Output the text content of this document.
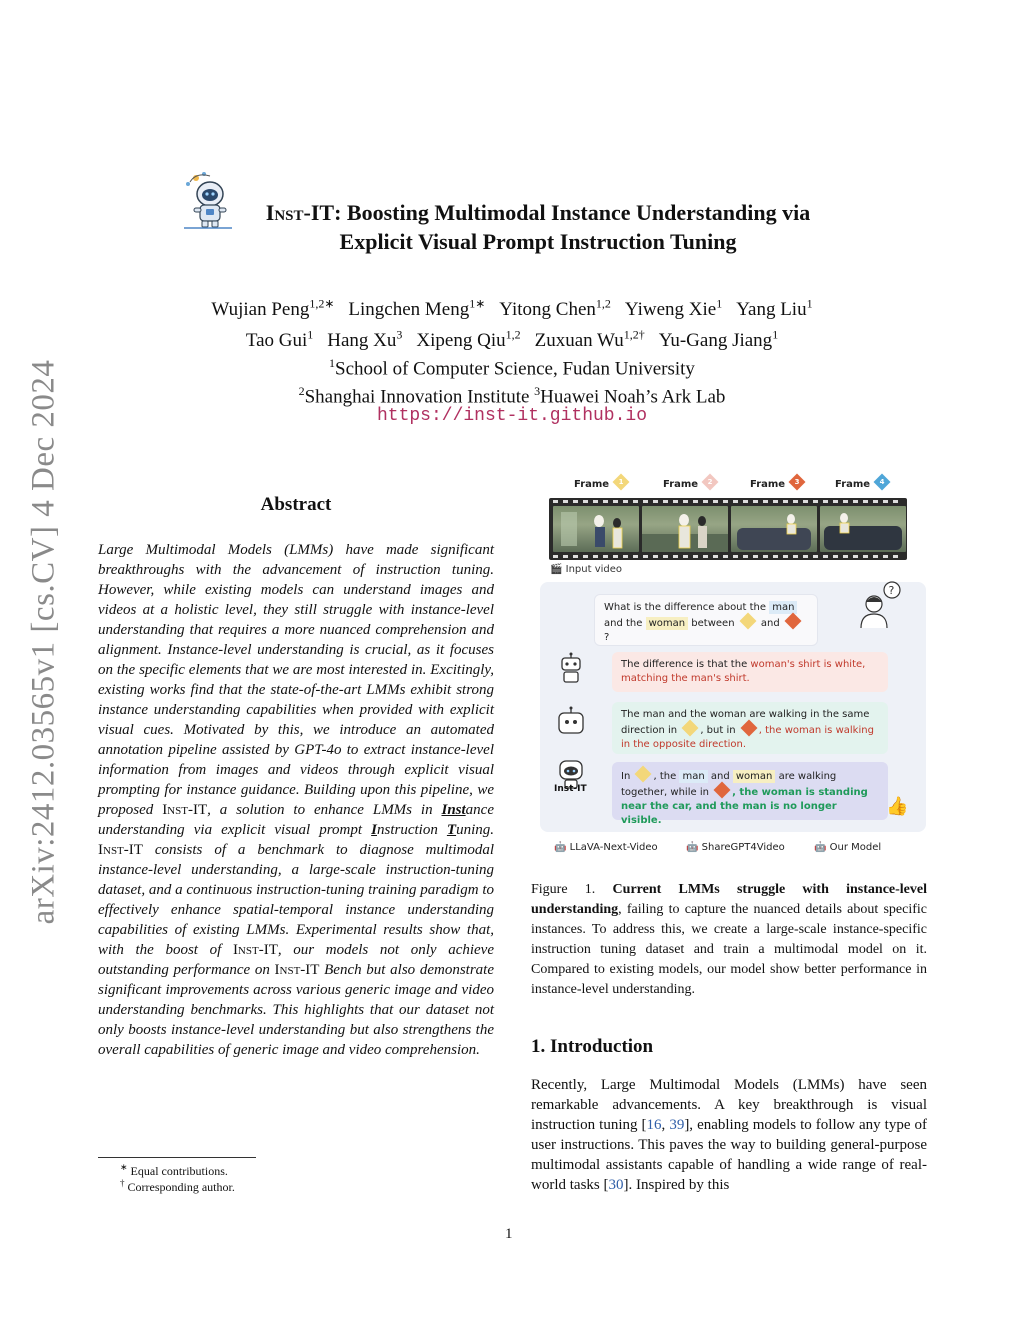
arXiv:2412.03565v1 [cs.CV] 4 Dec 2024
Inst-IT: Boosting Multimodal Instance Understanding via
Explicit Visual Prompt Instruction Tuning
Wujian Peng$^{1,2∗}$ Lingchen Meng$^{1∗}$ Yitong Chen$^{1,2}$ Yiweng Xie$^1$ Yang Liu$^1$
Tao Gui$^1$ Hang Xu$^3$ Xipeng Qiu$^{1,2}$ Zuxuan $Wu^{1,2\dagger}$ Yu-Gang Jiang$^1$
$^1$School of Computer Science, Fudan University
$^2$Shanghai Innovation Institute $^3$Huawei Noah’s Ark Lab
https://inst-it.github.io
Abstract
Large Multimodal Models (LMMs) have made significant breakthroughs with the advancement of instruction tuning. However, while existing models can understand images and videos at a holistic level, they still struggle with instance-level understanding that requires a more nuanced comprehension and alignment. Instance-level understanding is crucial, as it focuses on the specific elements that we are most interested in. Excitingly, existing works find that the state-of-the-art LMMs exhibit strong instance understanding capabilities when provided with explicit visual cues. Motivated by this, we introduce an automated annotation pipeline assisted by GPT-4o to extract instance-level information from images and videos through explicit visual prompting for instance guidance. Building upon this pipeline, we proposed Inst-IT, a solution to enhance LMMs in Instance understanding via explicit visual prompt Instruction Tuning. Inst-IT consists of a benchmark to diagnose multimodal instance-level understanding, a large-scale instruction-tuning dataset, and a continuous instruction-tuning training paradigm to effectively enhance spatial-temporal instance understanding capabilities of existing LMMs. Experimental results show that, with the boost of Inst-IT, our models not only achieve outstanding performance on Inst-IT Bench but also demonstrate significant improvements across various generic image and video understanding benchmarks. This highlights that our dataset not only boosts instance-level understanding but also strengthens the overall capabilities of generic image and video comprehension.
∗ Equal contributions.
† Corresponding author.
1
Frame	1	Frame	2	Frame	3	Frame	4
🎬 Input video
?
What is the difference about the man
and the woman between	and  ?
The difference is that the woman's shirt is white, matching the man's shirt.
The man and the woman are walking in the same direction in , but in , the woman is walking in the opposite direction.
Inst-IT
In , the man and woman are walking together, while in , the woman is standing near the car, and the man is no longer visible.
👍
🤖 LLaVA-Next-Video	🤖 ShareGPT4Video	🤖 Our Model
Figure 1. Current LMMs struggle with instance-level understanding, failing to capture the nuanced details about specific instances. To address this, we create a large-scale instance-specific instruction tuning dataset and train a multimodal model on it. Compared to existing models, our model show better performance in instance-level understanding.
1. Introduction
Recently, Large Multimodal Models (LMMs) have seen remarkable advancements. A key breakthrough is visual instruction tuning [16, 39], enabling models to follow any type of user instructions. This paves the way to building general-purpose multimodal assistants capable of handling a wide range of real-world tasks [30]. Inspired by this
